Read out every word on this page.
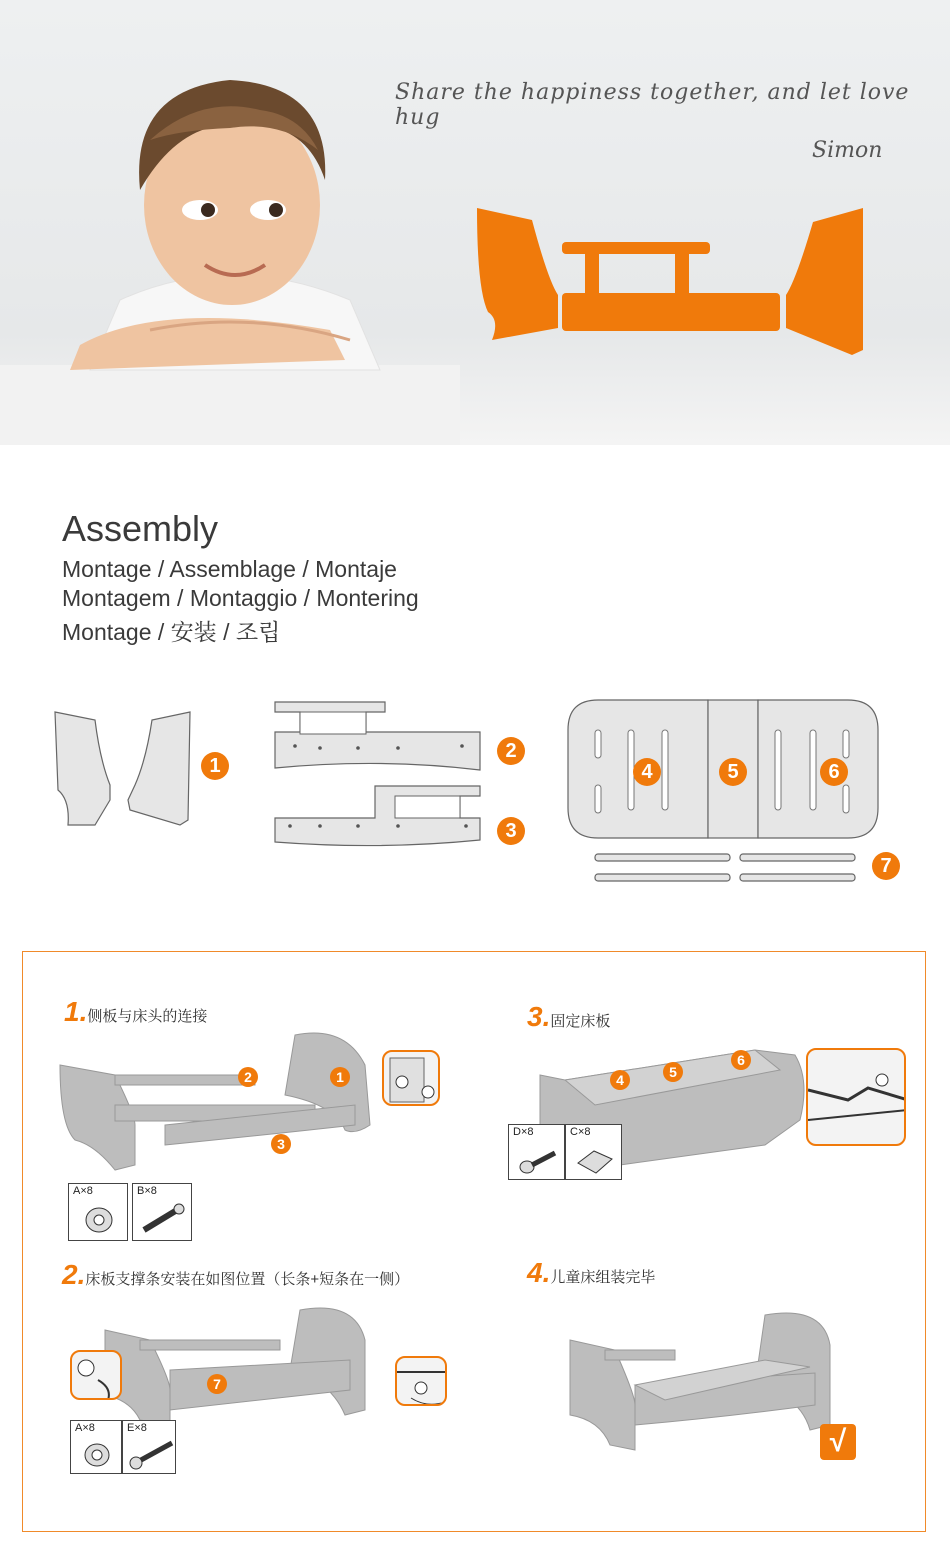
Share the happiness together, and let love hug
Simon
Assembly
Montage / Assemblage / Montaje
Montagem / Montaggio / Montering
Montage / 安装 / 조립
1
2
3
4	5	6
7
1.侧板与床头的连接
2	1
3
A×8	B×8
3.固定床板
4	5
6
D×8	C×8
2.床板支撑条安装在如图位置（长条+短条在一侧）
7
A×8	E×8
4.儿童床组装完毕
√
